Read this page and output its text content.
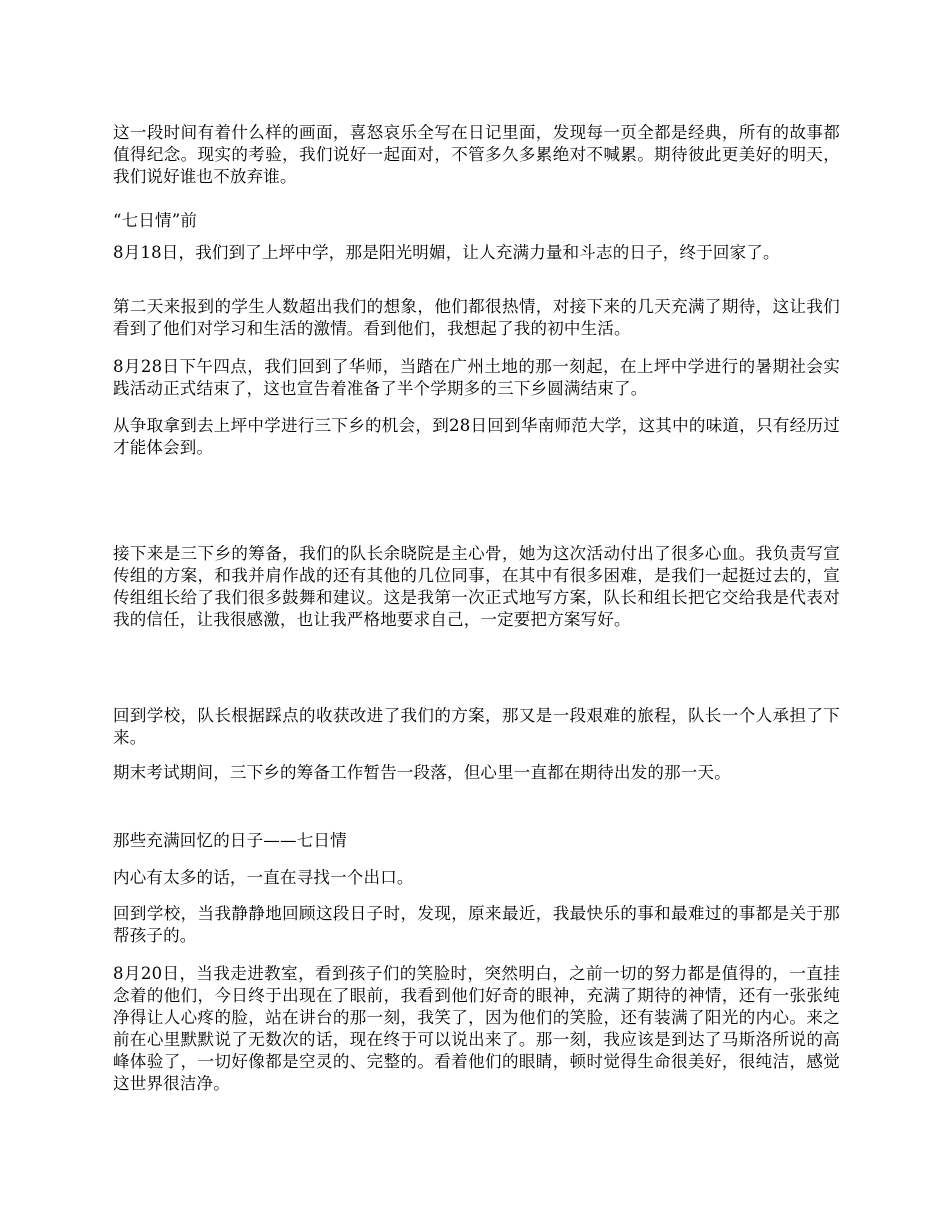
这一段时间有着什么样的画面，喜怒哀乐全写在日记里面，发现每一页全都是经典，所有的故事都值得纪念。现实的考验，我们说好一起面对，不管多久多累绝对不喊累。期待彼此更美好的明天，我们说好谁也不放弃谁。

“七日情”前

8月18日，我们到了上坪中学，那是阳光明媚，让人充满力量和斗志的日子，终于回家了。

第二天来报到的学生人数超出我们的想象，他们都很热情，对接下来的几天充满了期待，这让我们看到了他们对学习和生活的激情。看到他们，我想起了我的初中生活。

8月28日下午四点，我们回到了华师，当踏在广州土地的那一刻起，在上坪中学进行的暑期社会实践活动正式结束了，这也宣告着准备了半个学期多的三下乡圆满结束了。

从争取拿到去上坪中学进行三下乡的机会，到28日回到华南师范大学，这其中的味道，只有经历过才能体会到。

接下来是三下乡的筹备，我们的队长余晓院是主心骨，她为这次活动付出了很多心血。我负责写宣传组的方案，和我并肩作战的还有其他的几位同事，在其中有很多困难，是我们一起挺过去的，宣传组组长给了我们很多鼓舞和建议。这是我第一次正式地写方案，队长和组长把它交给我是代表对我的信任，让我很感激，也让我严格地要求自己，一定要把方案写好。

回到学校，队长根据踩点的收获改进了我们的方案，那又是一段艰难的旅程，队长一个人承担了下来。

期末考试期间，三下乡的筹备工作暂告一段落，但心里一直都在期待出发的那一天。

那些充满回忆的日子——七日情

内心有太多的话，一直在寻找一个出口。

回到学校，当我静静地回顾这段日子时，发现，原来最近，我最快乐的事和最难过的事都是关于那帮孩子的。

8月20日，当我走进教室，看到孩子们的笑脸时，突然明白，之前一切的努力都是值得的，一直挂念着的他们，今日终于出现在了眼前，我看到他们好奇的眼神，充满了期待的神情，还有一张张纯净得让人心疼的脸，站在讲台的那一刻，我笑了，因为他们的笑脸，还有装满了阳光的内心。来之前在心里默默说了无数次的话，现在终于可以说出来了。那一刻，我应该是到达了马斯洛所说的高峰体验了，一切好像都是空灵的、完整的。看着他们的眼睛，顿时觉得生命很美好，很纯洁，感觉这世界很洁净。
